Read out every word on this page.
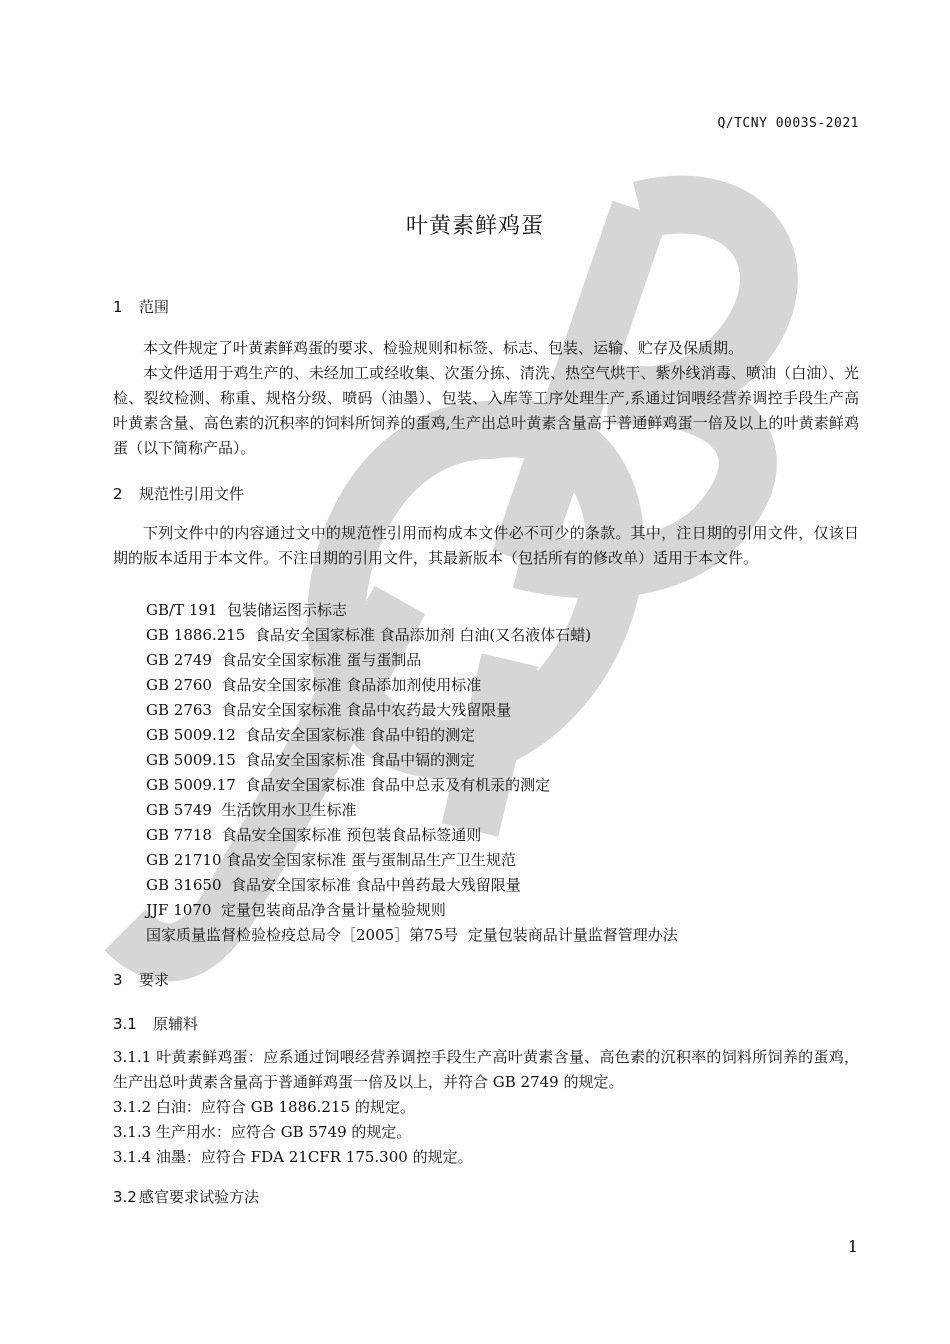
Q/TCNY 0003S-2021
叶黄素鲜鸡蛋
1 范围

本文件规定了叶黄素鲜鸡蛋的要求、检验规则和标签、标志、包装、运输、贮存及保质期。

本文件适用于鸡生产的、未经加工或经收集、次蛋分拣、清洗、热空气烘干、紫外线消毒、喷油（白油）、光检、裂纹检测、称重、规格分级、喷码（油墨）、包装、入库等工序处理生产,系通过饲喂经营养调控手段生产高叶黄素含量、高色素的沉积率的饲料所饲养的蛋鸡,生产出总叶黄素含量高于普通鲜鸡蛋一倍及以上的叶黄素鲜鸡蛋（以下简称产品）。

2 规范性引用文件

下列文件中的内容通过文中的规范性引用而构成本文件必不可少的条款。其中，注日期的引用文件，仅该日期的版本适用于本文件。不注日期的引用文件，其最新版本（包括所有的修改单）适用于本文件。

GB/T 191  包装储运图示标志
GB 1886.215  食品安全国家标准 食品添加剂 白油(又名液体石蜡)
GB 2749  食品安全国家标准 蛋与蛋制品
GB 2760  食品安全国家标准 食品添加剂使用标准
GB 2763  食品安全国家标准 食品中农药最大残留限量
GB 5009.12  食品安全国家标准 食品中铅的测定
GB 5009.15  食品安全国家标准 食品中镉的测定
GB 5009.17  食品安全国家标准 食品中总汞及有机汞的测定
GB 5749  生活饮用水卫生标准
GB 7718  食品安全国家标准 预包装食品标签通则
GB 21710 食品安全国家标准 蛋与蛋制品生产卫生规范
GB 31650  食品安全国家标准 食品中兽药最大残留限量
JJF 1070  定量包装商品净含量计量检验规则
国家质量监督检验检疫总局令［2005］第75号  定量包装商品计量监督管理办法
3 要求
3.1 原辅料
3.1.1 叶黄素鲜鸡蛋：应系通过饲喂经营养调控手段生产高叶黄素含量、高色素的沉积率的饲料所饲养的蛋鸡，生产出总叶黄素含量高于普通鲜鸡蛋一倍及以上，并符合 GB 2749 的规定。
3.1.2 白油：应符合 GB 1886.215 的规定。
3.1.3 生产用水：应符合 GB 5749 的规定。
3.1.4 油墨：应符合 FDA 21CFR 175.300 的规定。
3.2 感官要求试验方法
1
